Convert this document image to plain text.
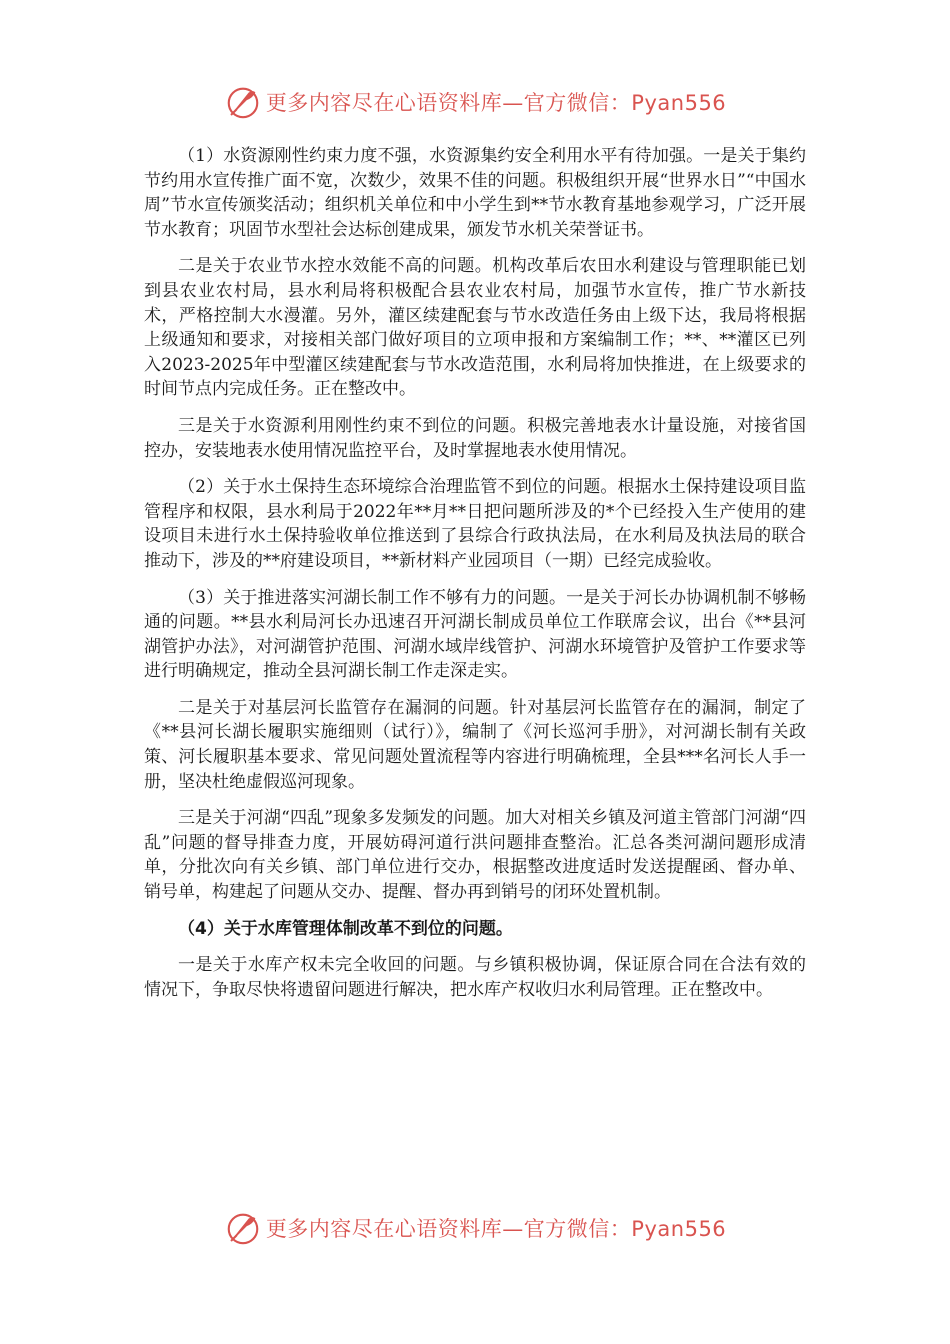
更多内容尽在心语资料库—官方微信：Pyan556

（1）水资源刚性约束力度不强，水资源集约安全利用水平有待加强。一是关于集约节约用水宣传推广面不宽，次数少，效果不佳的问题。积极组织开展“世界水日”“中国水周”节水宣传颁奖活动；组织机关单位和中小学生到**节水教育基地参观学习，广泛开展节水教育；巩固节水型社会达标创建成果，颁发节水机关荣誉证书。

二是关于农业节水控水效能不高的问题。机构改革后农田水利建设与管理职能已划到县农业农村局，县水利局将积极配合县农业农村局，加强节水宣传，推广节水新技术，严格控制大水漫灌。另外，灌区续建配套与节水改造任务由上级下达，我局将根据上级通知和要求，对接相关部门做好项目的立项申报和方案编制工作；**、**灌区已列入2023-2025年中型灌区续建配套与节水改造范围，水利局将加快推进，在上级要求的时间节点内完成任务。正在整改中。

三是关于水资源利用刚性约束不到位的问题。积极完善地表水计量设施，对接省国控办，安装地表水使用情况监控平台，及时掌握地表水使用情况。

（2）关于水土保持生态环境综合治理监管不到位的问题。根据水土保持建设项目监管程序和权限，县水利局于2022年**月**日把问题所涉及的*个已经投入生产使用的建设项目未进行水土保持验收单位推送到了县综合行政执法局，在水利局及执法局的联合推动下，涉及的**府建设项目，**新材料产业园项目（一期）已经完成验收。

（3）关于推进落实河湖长制工作不够有力的问题。一是关于河长办协调机制不够畅通的问题。**县水利局河长办迅速召开河湖长制成员单位工作联席会议，出台《**县河湖管护办法》，对河湖管护范围、河湖水域岸线管护、河湖水环境管护及管护工作要求等进行明确规定，推动全县河湖长制工作走深走实。

二是关于对基层河长监管存在漏洞的问题。针对基层河长监管存在的漏洞，制定了《**县河长湖长履职实施细则（试行）》，编制了《河长巡河手册》，对河湖长制有关政策、河长履职基本要求、常见问题处置流程等内容进行明确梳理，全县***名河长人手一册，坚决杜绝虚假巡河现象。

三是关于河湖“四乱”现象多发频发的问题。加大对相关乡镇及河道主管部门河湖“四乱”问题的督导排查力度，开展妨碍河道行洪问题排查整治。汇总各类河湖问题形成清单，分批次向有关乡镇、部门单位进行交办，根据整改进度适时发送提醒函、督办单、销号单，构建起了问题从交办、提醒、督办再到销号的闭环处置机制。

（4）关于水库管理体制改革不到位的问题。

一是关于水库产权未完全收回的问题。与乡镇积极协调，保证原合同在合法有效的情况下，争取尽快将遗留问题进行解决，把水库产权收归水利局管理。正在整改中。

更多内容尽在心语资料库—官方微信：Pyan556
